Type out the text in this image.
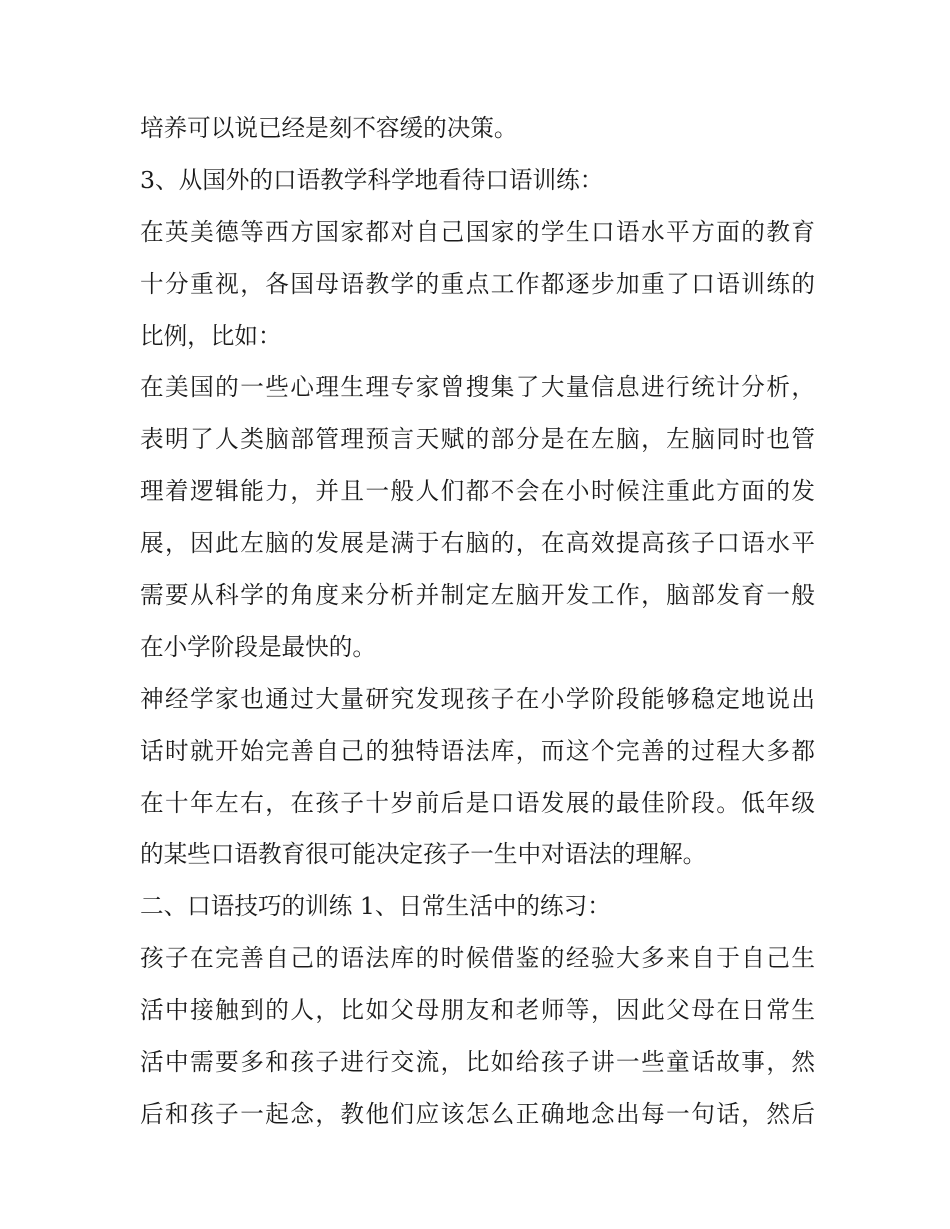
培养可以说已经是刻不容缓的决策。
3、从国外的口语教学科学地看待口语训练：
在英美德等西方国家都对自己国家的学生口语水平方面的教育
十分重视，各国母语教学的重点工作都逐步加重了口语训练的
比例，比如：
在美国的一些心理生理专家曾搜集了大量信息进行统计分析，
表明了人类脑部管理预言天赋的部分是在左脑，左脑同时也管
理着逻辑能力，并且一般人们都不会在小时候注重此方面的发
展，因此左脑的发展是满于右脑的，在高效提高孩子口语水平
需要从科学的角度来分析并制定左脑开发工作，脑部发育一般
在小学阶段是最快的。
神经学家也通过大量研究发现孩子在小学阶段能够稳定地说出
话时就开始完善自己的独特语法库，而这个完善的过程大多都
在十年左右，在孩子十岁前后是口语发展的最佳阶段。低年级
的某些口语教育很可能决定孩子一生中对语法的理解。
二、口语技巧的训练 1、日常生活中的练习：
孩子在完善自己的语法库的时候借鉴的经验大多来自于自己生
活中接触到的人，比如父母朋友和老师等，因此父母在日常生
活中需要多和孩子进行交流，比如给孩子讲一些童话故事，然
后和孩子一起念，教他们应该怎么正确地念出每一句话，然后
